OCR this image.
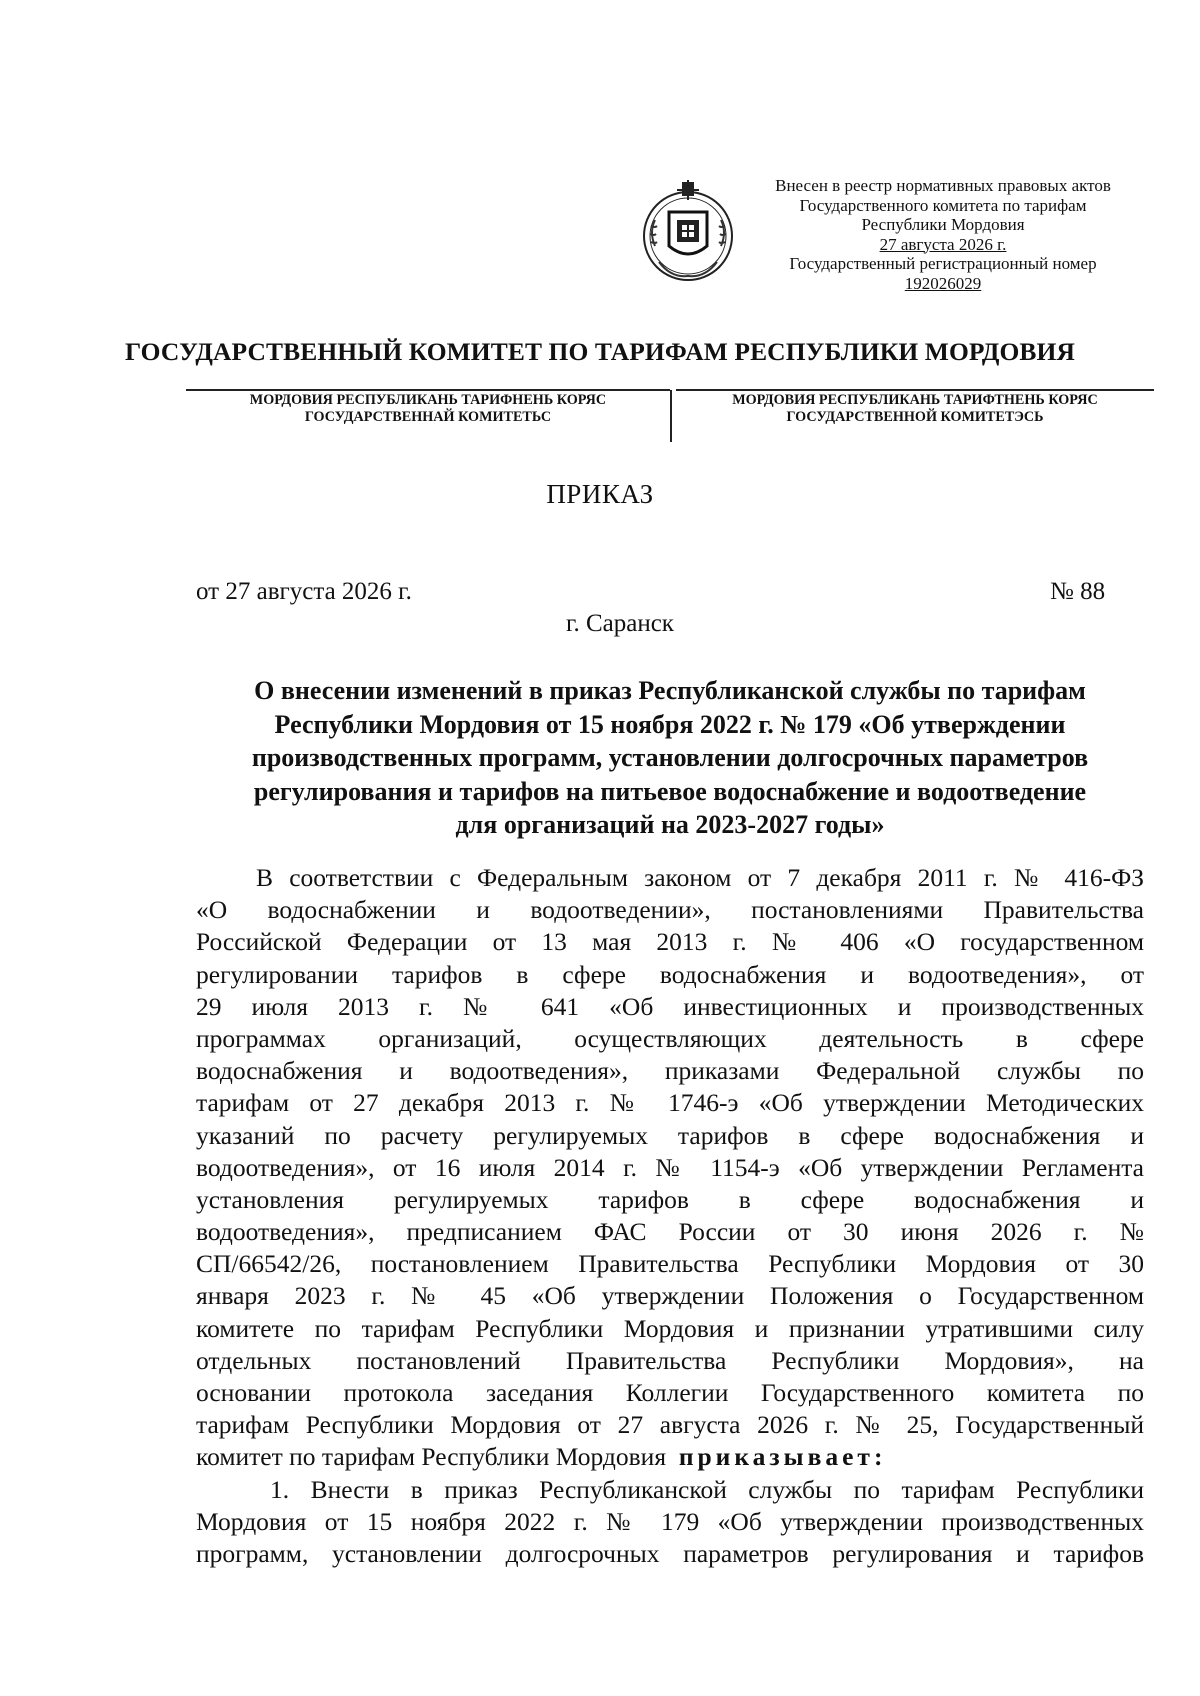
Внесен в реестр нормативных правовых актов
Государственного комитета по тарифам
Республики Мордовия
27 августа 2026 г.
Государственный регистрационный номер
192026029
ГОСУДАРСТВЕННЫЙ КОМИТЕТ ПО ТАРИФАМ РЕСПУБЛИКИ МОРДОВИЯ
МОРДОВИЯ РЕСПУБЛИКАНЬ ТАРИФНЕНЬ КОРЯС
ГОСУДАРСТВЕННАЙ КОМИТЕТЬС
МОРДОВИЯ РЕСПУБЛИКАНЬ ТАРИФТНЕНЬ КОРЯС
ГОСУДАРСТВЕННОЙ КОМИТЕТЭСЬ
ПРИКАЗ
от 27 августа 2026 г.	№ 88
г. Саранск
О внесении изменений в приказ Республиканской службы по тарифам
Республики Мордовия от 15 ноября 2022 г. № 179 «Об утверждении
производственных программ, установлении долгосрочных параметров
регулирования и тарифов на питьевое водоснабжение и водоотведение
для организаций на 2023-2027 годы»
В соответствии с Федеральным законом от 7 декабря 2011 г. № 416-ФЗ
«О водоснабжении и водоотведении», постановлениями Правительства
Российской Федерации от 13 мая 2013 г. № 406 «О государственном
регулировании тарифов в сфере водоснабжения и водоотведения», от
29 июля 2013 г. № 641 «Об инвестиционных и производственных
программах организаций, осуществляющих деятельность в сфере
водоснабжения и водоотведения», приказами Федеральной службы по
тарифам от 27 декабря 2013 г. № 1746-э «Об утверждении Методических
указаний по расчету регулируемых тарифов в сфере водоснабжения и
водоотведения», от 16 июля 2014 г. № 1154-э «Об утверждении Регламента
установления регулируемых тарифов в сфере водоснабжения и
водоотведения», предписанием ФАС России от 30 июня 2026 г. №
СП/66542/26, постановлением Правительства Республики Мордовия от 30
января 2023 г. № 45 «Об утверждении Положения о Государственном
комитете по тарифам Республики Мордовия и признании утратившими силу
отдельных постановлений Правительства Республики Мордовия», на
основании протокола заседания Коллегии Государственного комитета по
тарифам Республики Мордовия от 27 августа 2026 г. № 25, Государственный
комитет по тарифам Республики Мордовия приказывает:
1. Внести в приказ Республиканской службы по тарифам Республики
Мордовия от 15 ноября 2022 г. № 179 «Об утверждении производственных
программ, установлении долгосрочных параметров регулирования и тарифов
